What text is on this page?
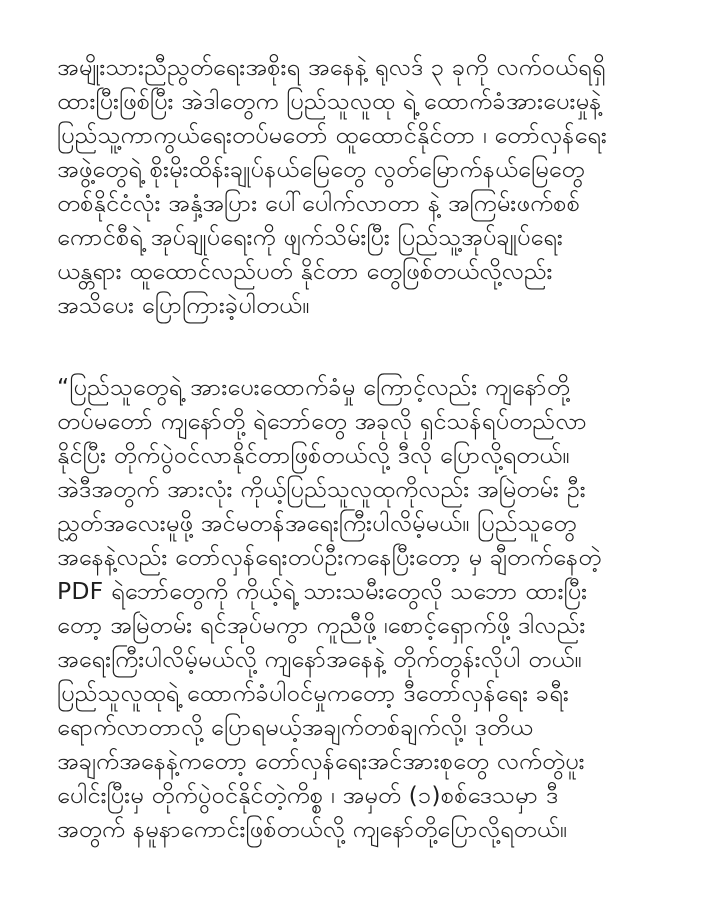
အမျိုးသားညီညွတ်ရေးအစိုးရ အနေနဲ့ ရုလဒ် ၃ ခုကို လက်ဝယ်ရရှိ
ထားပြီးဖြစ်ပြီး အဲဒါတွေက ပြည်သူလူထု ရဲ့ ထောက်ခံအားပေးမှုနဲ့
ပြည်သူ့ကာကွယ်ရေးတပ်မတော် ထူထောင်နိုင်တာ ၊ တော်လှန်ရေး
အဖွဲ့တွေရဲ့ စိုးမိုးထိန်းချုပ်နယ်မြေတွေ လွတ်မြောက်နယ်မြေတွေ
တစ်နိုင်ငံလုံး အနှံ့အပြား ပေါ်ပေါက်လာတာ နဲ့ အကြမ်းဖက်စစ်
ကောင်စီရဲ့ အုပ်ချုပ်ရေးကို ဖျက်သိမ်းပြီး ပြည်သူ့အုပ်ချုပ်ရေး
ယန္တရား ထူထောင်လည်ပတ် နိုင်တာ တွေဖြစ်တယ်လို့လည်း
အသိပေး ပြောကြားခဲ့ပါတယ်။
“ပြည်သူတွေရဲ့ အားပေးထောက်ခံမှု ကြောင့်လည်း ကျနော်တို့
တပ်မတော် ကျနော်တို့ ရဲဘော်တွေ အခုလို ရှင်သန်ရပ်တည်လာ
နိုင်ပြီး တိုက်ပွဲဝင်လာနိုင်တာဖြစ်တယ်လို့ ဒီလို ပြောလို့ရတယ်။
အဲဒီအတွက် အားလုံး ကိုယ့်ပြည်သူလူထုကိုလည်း အမြဲတမ်း ဦး
ညွှတ်အလေးမူဖို့ အင်မတန်အရေးကြီးပါလိမ့်မယ်။ ပြည်သူတွေ
အနေနဲ့လည်း တော်လှန်ရေးတပ်ဦးကနေပြီးတော့ မှ ချီတက်နေတဲ့
PDF ရဲဘော်တွေကို ကိုယ့်ရဲ့ သားသမီးတွေလို သဘော ထားပြီး
တော့ အမြဲတမ်း ရင်အုပ်မကွာ ကူညီဖို့ ၊စောင့်ရှောက်ဖို့ ဒါလည်း
အရေးကြီးပါလိမ့်မယ်လို့ ကျနော်အနေနဲ့ တိုက်တွန်းလိုပါ တယ်။
ပြည်သူလူထုရဲ့ ထောက်ခံပါဝင်မှုကတော့ ဒီတော်လှန်ရေး ခရီး
ရောက်လာတာလို့ ပြောရမယ့်အချက်တစ်ချက်လို့၊ ဒုတိယ
အချက်အနေနဲ့ကတော့ တော်လှန်ရေးအင်အားစုတွေ လက်တွဲပူး
ပေါင်းပြီးမှ တိုက်ပွဲဝင်နိုင်တဲ့ကိစ္စ ၊ အမှတ် (၁)စစ်ဒေသမှာ ဒီ
အတွက် နမူနာကောင်းဖြစ်တယ်လို့ ကျနော်တို့ပြောလို့ရတယ်။
